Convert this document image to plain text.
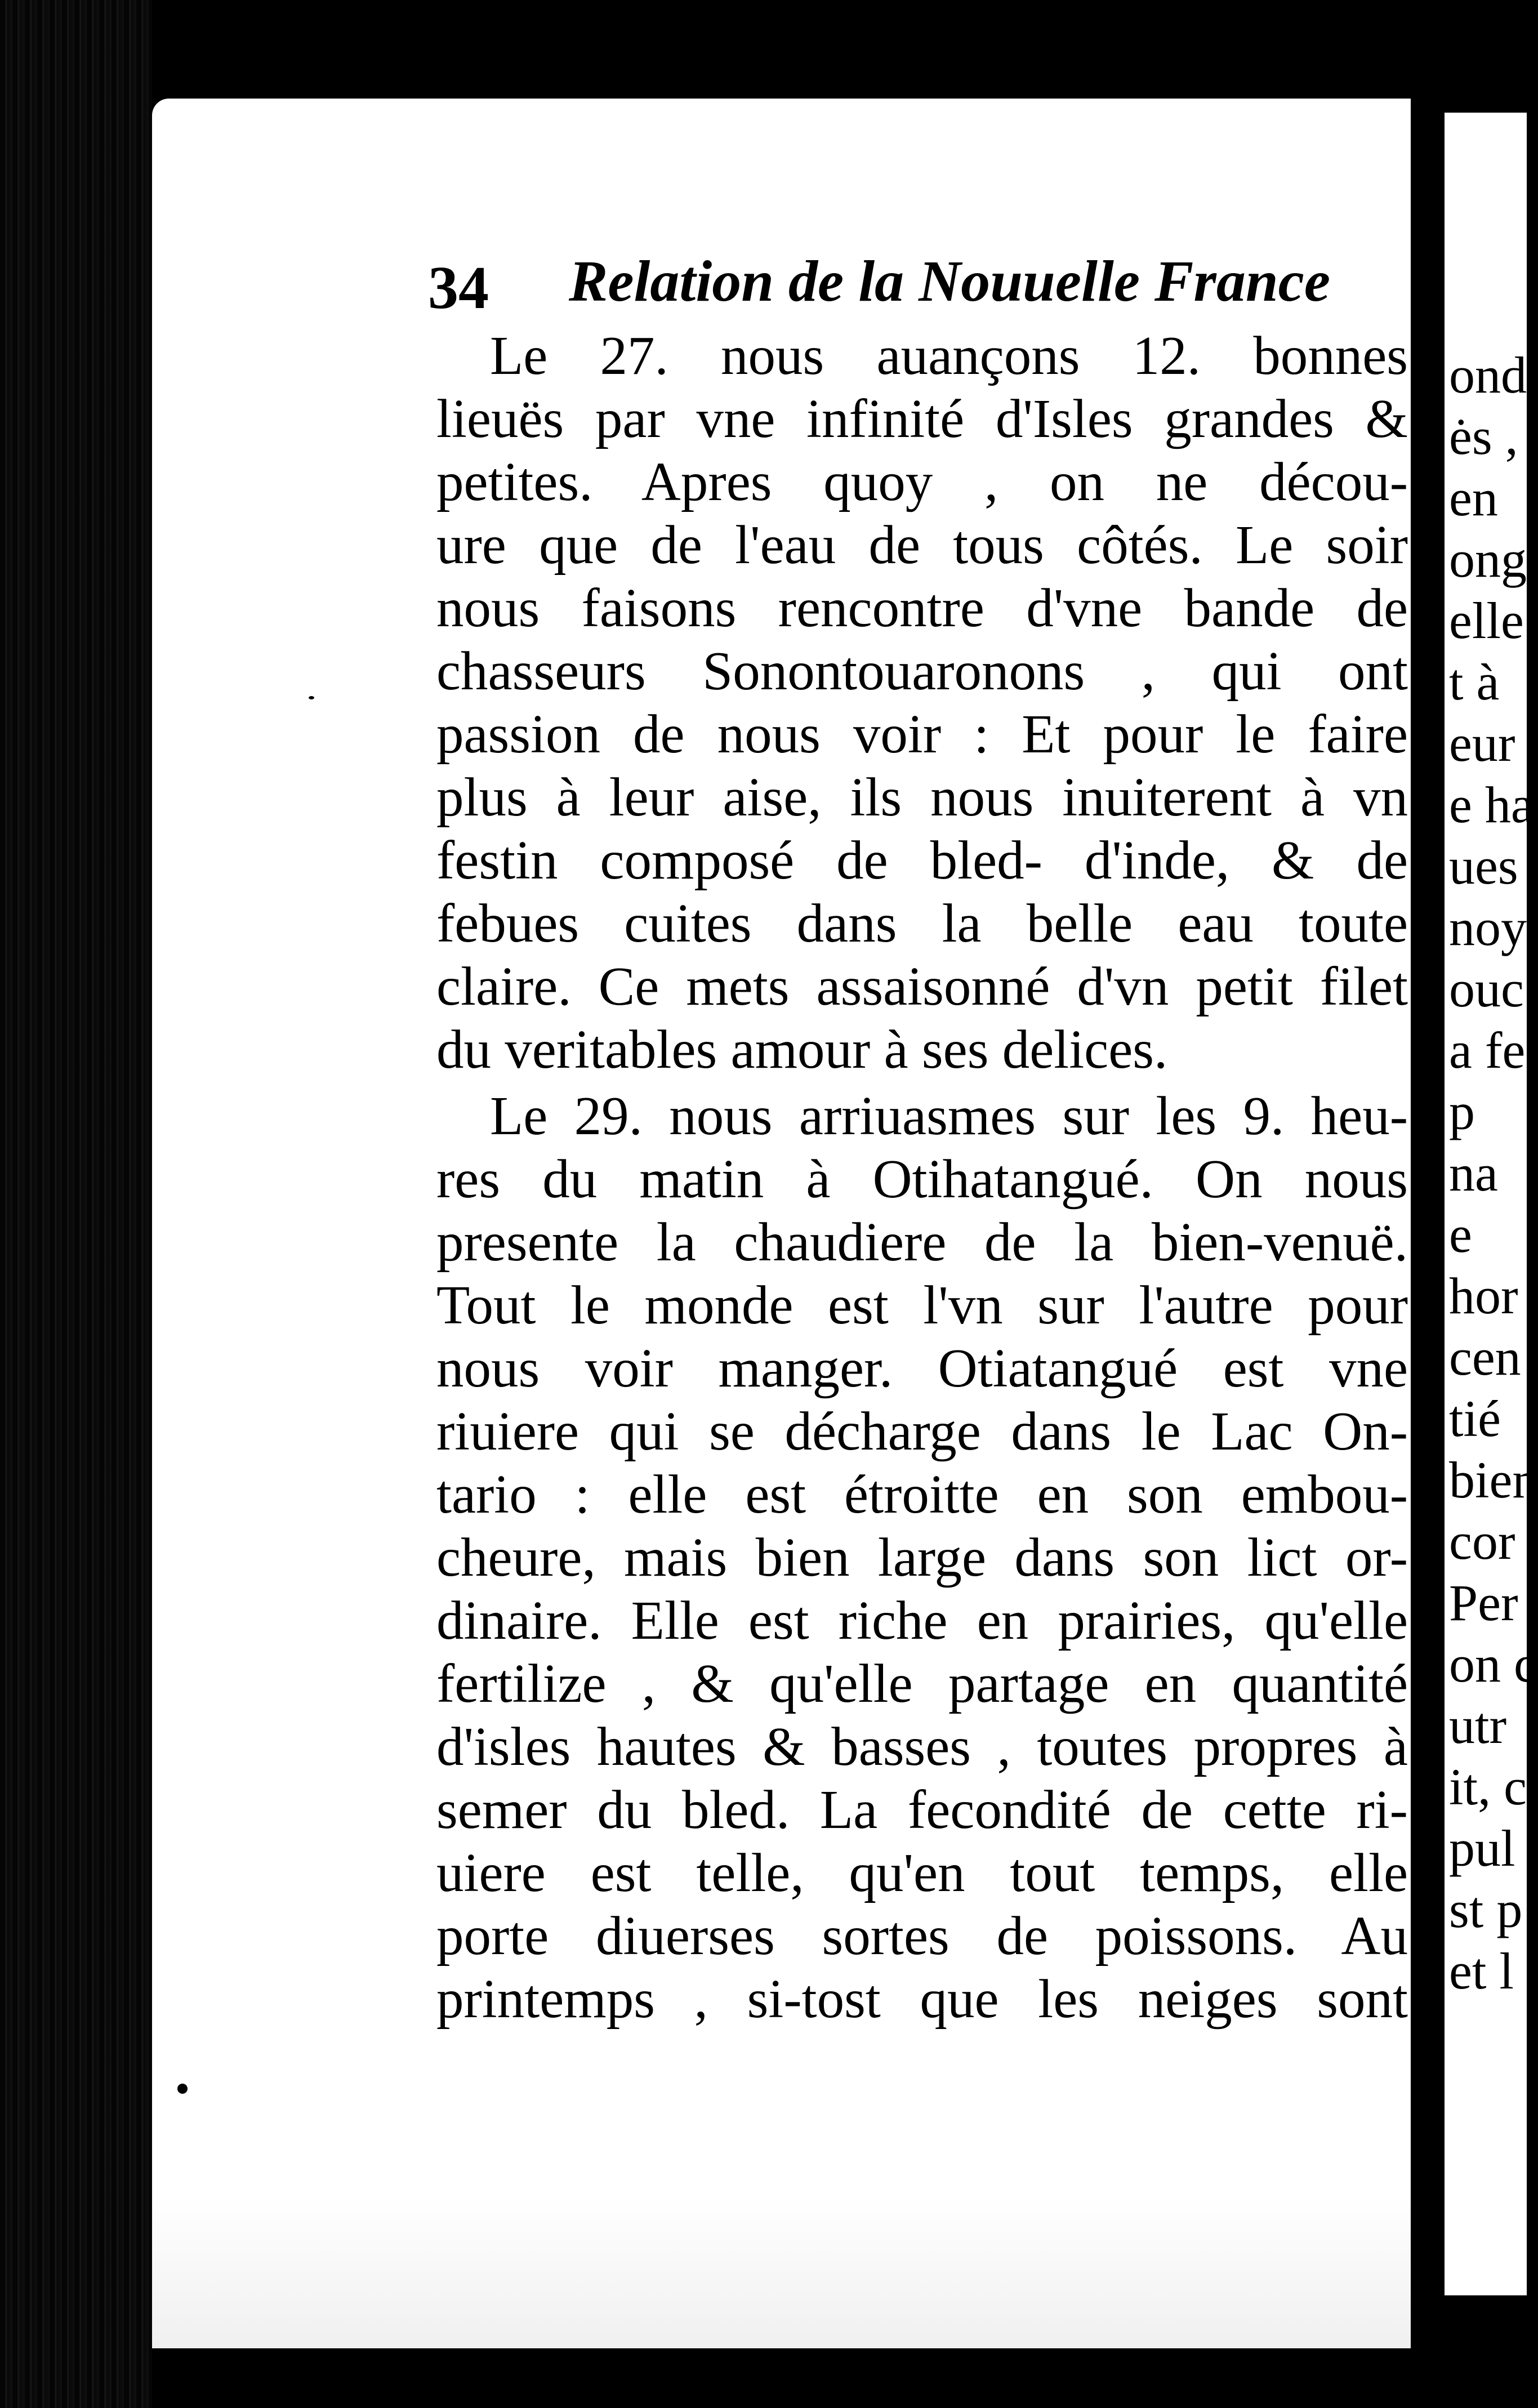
ond
ės ,
en
ong
elle
t à
eur
e ha
ues
noy
ouc
a fe
p
na
e
hor
cen
tié
bien
cor
Per
on c
utr
it, c
pul
st p
et l
34 Relation de la Nouuelle France
Le 27. nous auançons 12. bonnes
lieuës par vne infinité d'Isles grandes &
petites. Apres quoy , on ne décou-
ure que de l'eau de tous côtés. Le soir
nous faisons rencontre d'vne bande de
chasseurs Sonontouaronons , qui ont
passion de nous voir : Et pour le faire
plus à leur aise, ils nous inuiterent à vn
festin composé de bled- d'inde, & de
febues cuites dans la belle eau toute
claire. Ce mets assaisonné d'vn petit filet
du veritables amour à ses delices.
Le 29. nous arriuasmes sur les 9. heu-
res du matin à Otihatangué. On nous
presente la chaudiere de la bien-venuë.
Tout le monde est l'vn sur l'autre pour
nous voir manger. Otiatangué est vne
riuiere qui se décharge dans le Lac On-
tario : elle est étroitte en son embou-
cheure, mais bien large dans son lict or-
dinaire. Elle est riche en prairies, qu'elle
fertilize , & qu'elle partage en quantité
d'isles hautes & basses , toutes propres à
semer du bled. La fecondité de cette ri-
uiere est telle, qu'en tout temps, elle
porte diuerses sortes de poissons. Au
printemps , si-tost que les neiges sont
